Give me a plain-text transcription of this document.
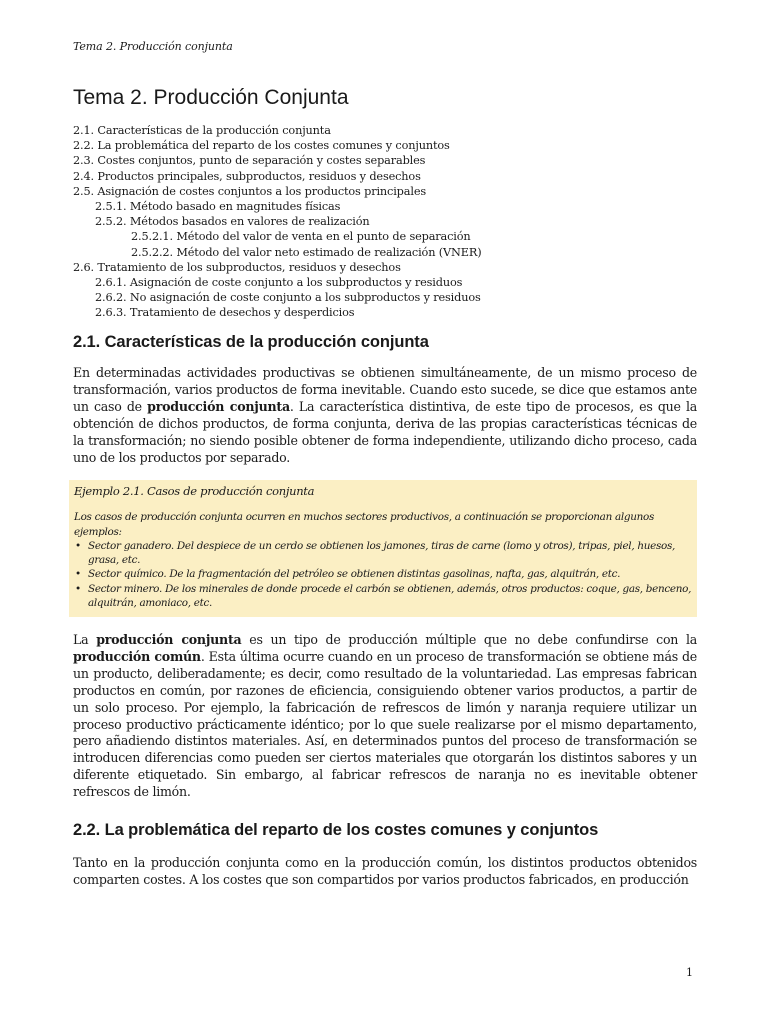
Tema 2. Producción conjunta
Tema 2. Producción Conjunta
2.1. Características de la producción conjunta
2.2. La problemática del reparto de los costes comunes y conjuntos
2.3. Costes conjuntos, punto de separación y costes separables
2.4. Productos principales, subproductos, residuos y desechos
2.5. Asignación de costes conjuntos a los productos principales
2.5.1. Método basado en magnitudes físicas
2.5.2. Métodos basados en valores de realización
2.5.2.1. Método del valor de venta en el punto de separación
2.5.2.2. Método del valor neto estimado de realización (VNER)
2.6. Tratamiento de los subproductos, residuos y desechos
2.6.1. Asignación de coste conjunto a los subproductos y residuos
2.6.2. No asignación de coste conjunto a los subproductos y residuos
2.6.3. Tratamiento de desechos y desperdicios
2.1. Características de la producción conjunta

En determinadas actividades productivas se obtienen simultáneamente, de un mismo proceso de transformación, varios productos de forma inevitable. Cuando esto sucede, se dice que estamos ante un caso de producción conjunta. La característica distintiva, de este tipo de procesos, es que la obtención de dichos productos, de forma conjunta, deriva de las propias características técnicas de la transformación; no siendo posible obtener de forma independiente, utilizando dicho proceso, cada uno de los productos por separado.

Ejemplo 2.1. Casos de producción conjunta
Los casos de producción conjunta ocurren en muchos sectores productivos, a continuación se proporcionan algunos ejemplos:
• Sector ganadero. Del despiece de un cerdo se obtienen los jamones, tiras de carne (lomo y otros), tripas, piel, huesos, grasa, etc.
• Sector químico. De la fragmentación del petróleo se obtienen distintas gasolinas, nafta, gas, alquitrán, etc.
• Sector minero. De los minerales de donde procede el carbón se obtienen, además, otros productos: coque, gas, benceno, alquitrán, amoniaco, etc.

La producción conjunta es un tipo de producción múltiple que no debe confundirse con la producción común. Esta última ocurre cuando en un proceso de transformación se obtiene más de un producto, deliberadamente; es decir, como resultado de la voluntariedad. Las empresas fabrican productos en común, por razones de eficiencia, consiguiendo obtener varios productos, a partir de un solo proceso. Por ejemplo, la fabricación de refrescos de limón y naranja requiere utilizar un proceso productivo prácticamente idéntico; por lo que suele realizarse por el mismo departamento, pero añadiendo distintos materiales. Así, en determinados puntos del proceso de transformación se introducen diferencias como pueden ser ciertos materiales que otorgarán los distintos sabores y un diferente etiquetado. Sin embargo, al fabricar refrescos de naranja no es inevitable obtener refrescos de limón.

2.2. La problemática del reparto de los costes comunes y conjuntos

Tanto en la producción conjunta como en la producción común, los distintos productos obtenidos comparten costes. A los costes que son compartidos por varios productos fabricados, en producción

1
